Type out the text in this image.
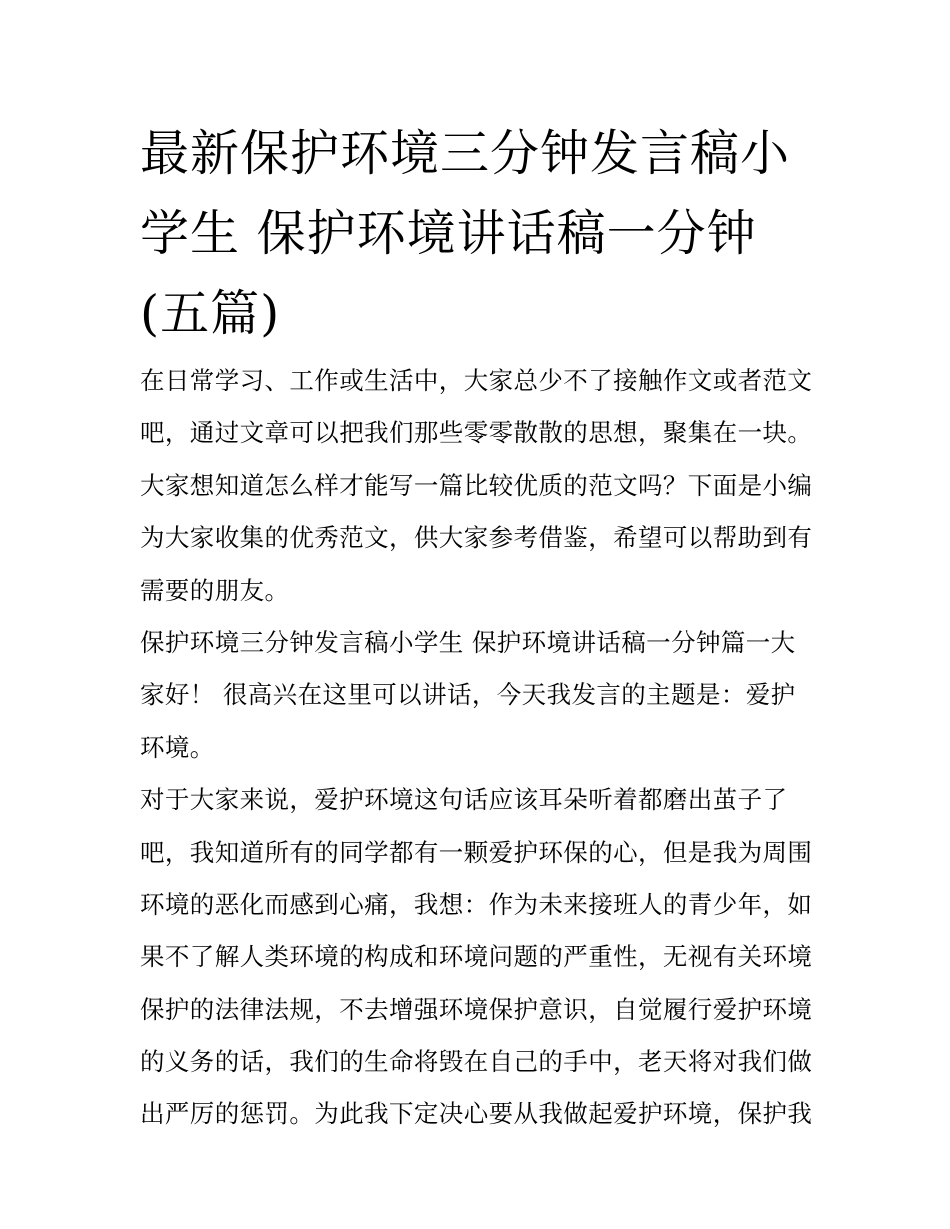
最新保护环境三分钟发言稿小
学生 保护环境讲话稿一分钟
(五篇)
在日常学习、工作或生活中，大家总少不了接触作文或者范文
吧，通过文章可以把我们那些零零散散的思想，聚集在一块。
大家想知道怎么样才能写一篇比较优质的范文吗？下面是小编
为大家收集的优秀范文，供大家参考借鉴，希望可以帮助到有
需要的朋友。
保护环境三分钟发言稿小学生 保护环境讲话稿一分钟篇一大
家好！ 很高兴在这里可以讲话，今天我发言的主题是：爱护
环境。
对于大家来说，爱护环境这句话应该耳朵听着都磨出茧子了
吧，我知道所有的同学都有一颗爱护环保的心，但是我为周围
环境的恶化而感到心痛，我想：作为未来接班人的青少年，如
果不了解人类环境的构成和环境问题的严重性，无视有关环境
保护的法律法规，不去增强环境保护意识，自觉履行爱护环境
的义务的话，我们的生命将毁在自己的手中，老天将对我们做
出严厉的惩罚。为此我下定决心要从我做起爱护环境，保护我
